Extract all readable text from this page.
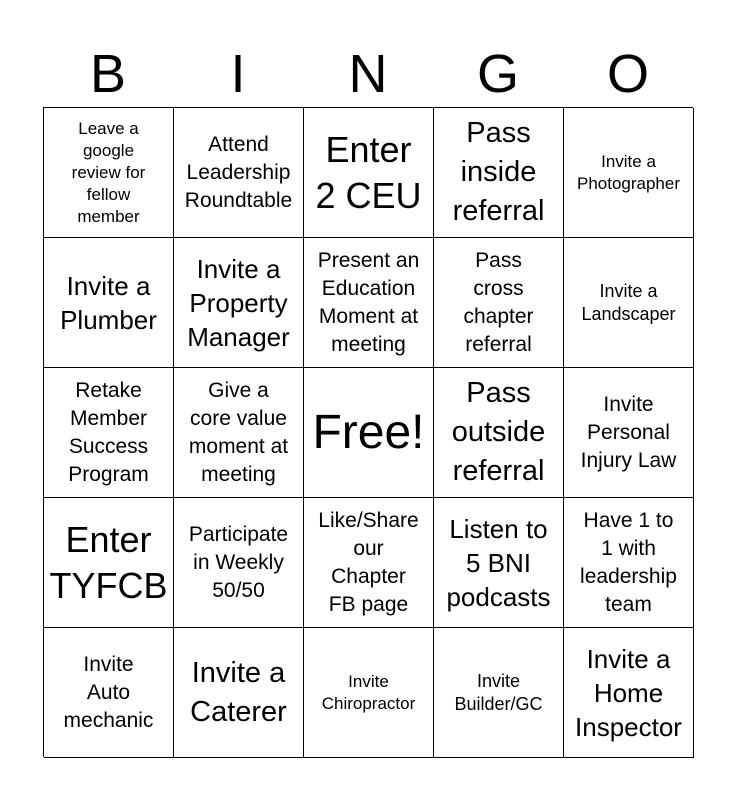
B	I	N	G	O
Leave a
google
review for
fellow
member
Attend
Leadership
Roundtable
Enter
2 CEU
Pass
inside
referral
Invite a
Photographer
Invite a
Plumber
Invite a
Property
Manager
Present an
Education
Moment at
meeting
Pass
cross
chapter
referral
Invite a
Landscaper
Retake
Member
Success
Program
Give a
core value
moment at
meeting
Free!
Pass
outside
referral
Invite
Personal
Injury Law
Enter
TYFCB
Participate
in Weekly
50/50
Like/Share
our
Chapter
FB page
Listen to
5 BNI
podcasts
Have 1 to
1 with
leadership
team
Invite
Auto
mechanic
Invite a
Caterer
Invite
Chiropractor
Invite
Builder/GC
Invite a
Home
Inspector
